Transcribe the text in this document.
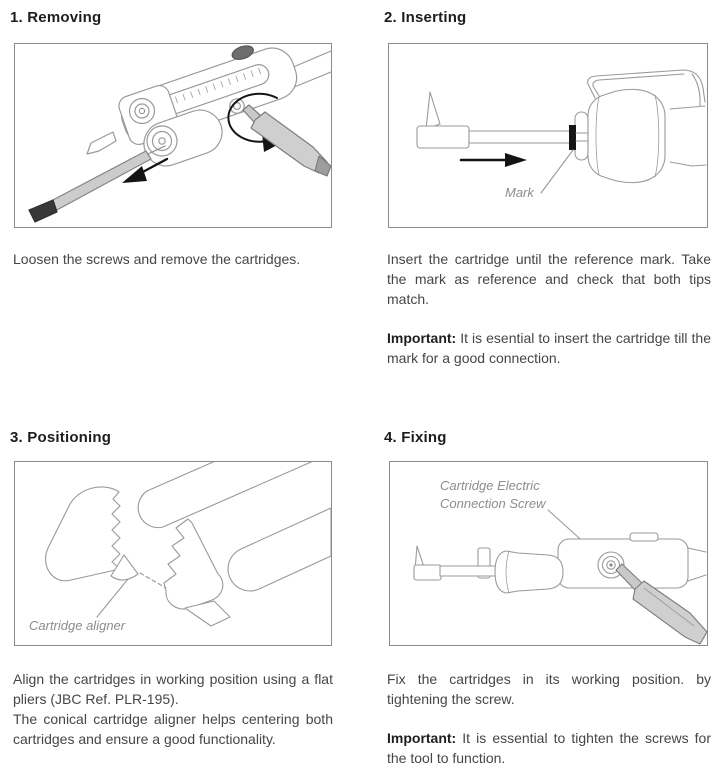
1. Removing

Loosen the screws and remove the cartridges.

2. Inserting
Mark

Insert the cartridge until the reference mark. Take the mark as reference and check that both tips match.

Important: It is esential to insert the cartridge till the mark for a good connection.

3. Positioning
Cartridge aligner

Align the cartridges in working position using a flat pliers (JBC Ref. PLR-195).

The conical cartridge aligner helps centering both cartridges and ensure a good functionality.

4. Fixing
Cartridge Electric
Connection Screw

Fix the cartridges in its working position. by tightening the screw.

Important: It is essential to tighten the screws for the tool to function.
